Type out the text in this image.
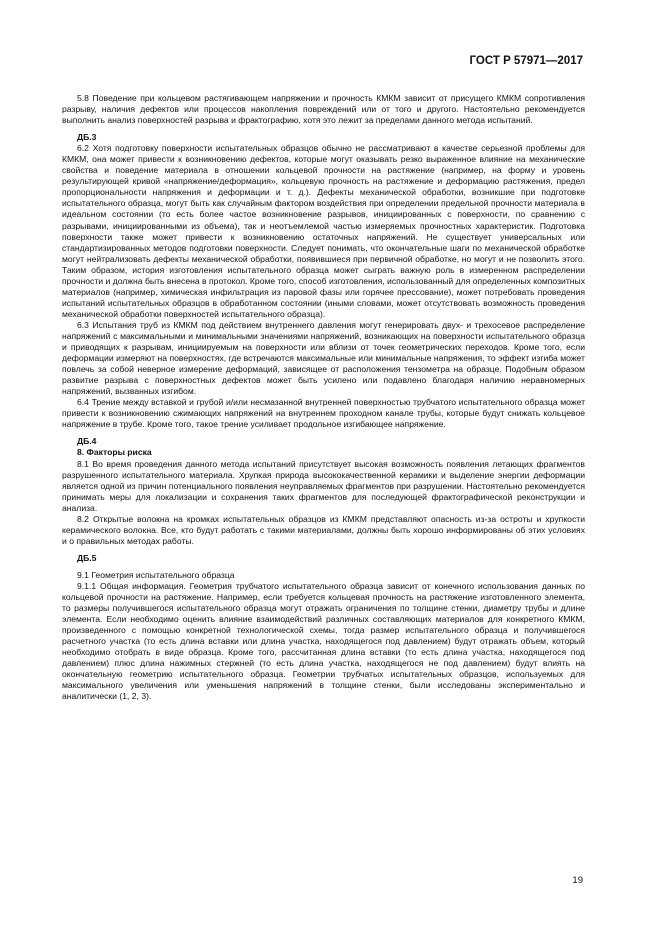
ГОСТ Р 57971—2017

5.8 Поведение при кольцевом растягивающем напряжении и прочность КМКМ зависит от присущего КМКМ сопротивления разрыву, наличия дефектов или процессов накопления повреждений или от того и другого. Настоятельно рекомендуется выполнить анализ поверхностей разрыва и фрактографию, хотя это лежит за пределами данного метода испытаний.

ДБ.3

6.2 Хотя подготовку поверхности испытательных образцов обычно не рассматривают в качестве серьезной проблемы для КМКМ, она может привести к возникновению дефектов, которые могут оказывать резко выраженное влияние на механические свойства и поведение материала в отношении кольцевой прочности на растяжение (например, на форму и уровень результирующей кривой «напряжение/деформация», кольцевую прочность на растяжение и деформацию растяжения, предел пропорциональности напряжения и деформации и т. д.). Дефекты механической обработки, возникшие при подготовке испытательного образца, могут быть как случайным фактором воздействия при определении предельной прочности материала в идеальном состоянии (то есть более частое возникновение разрывов, инициированных с поверхности, по сравнению с разрывами, инициированными из объема), так и неотъемлемой частью измеряемых прочностных характеристик. Подготовка поверхности также может привести к возникновению остаточных напряжений. Не существует универсальных или стандартизированных методов подготовки поверхности. Следует понимать, что окончательные шаги по механической обработке могут нейтрализовать дефекты механической обработки, появившиеся при первичной обработке, но могут и не позволить этого. Таким образом, история изготовления испытательного образца может сыграть важную роль в измеренном распределении прочности и должна быть внесена в протокол. Кроме того, способ изготовления, использованный для определенных композитных материалов (например, химическая инфильтрация из паровой фазы или горячее прессование), может потребовать проведения испытаний испытательных образцов в обработанном состоянии (иными словами, может отсутствовать возможность проведения механической обработки поверхностей испытательного образца).

6.3 Испытания труб из КМКМ под действием внутреннего давления могут генерировать двух- и трехосевое распределение напряжений с максимальными и минимальными значениями напряжений, возникающих на поверхности испытательного образца и приводящих к разрывам, инициируемым на поверхности или вблизи от точек геометрических переходов. Кроме того, если деформации измеряют на поверхностях, где встречаются максимальные или минимальные напряжения, то эффект изгиба может повлечь за собой неверное измерение деформаций, зависящее от расположения тензометра на образце. Подобным образом развитие разрыва с поверхностных дефектов может быть усилено или подавлено благодаря наличию неравномерных напряжений, вызванных изгибом.

6.4 Трение между вставкой и грубой и/или несмазанной внутренней поверхностью трубчатого испытательного образца может привести к возникновению сжимающих напряжений на внутреннем проходном канале трубы, которые будут снижать кольцевое напряжение в трубе. Кроме того, такое трение усиливает продольное изгибающее напряжение.

ДБ.4

8. Факторы риска

8.1 Во время проведения данного метода испытаний присутствует высокая возможность появления летающих фрагментов разрушенного испытательного материала. Хрупкая природа высококачественной керамики и выделение энергии деформации является одной из причин потенциального появления неуправляемых фрагментов при разрушении. Настоятельно рекомендуется принимать меры для локализации и сохранения таких фрагментов для последующей фрактографической реконструкции и анализа.

8.2 Открытые волокна на кромках испытательных образцов из КМКМ представляют опасность из-за остроты и хрупкости керамического волокна. Все, кто будут работать с такими материалами, должны быть хорошо информированы об этих условиях и о правильных методах работы.

ДБ.5

9.1 Геометрия испытательного образца

9.1.1 Общая информация. Геометрия трубчатого испытательного образца зависит от конечного использования данных по кольцевой прочности на растяжение. Например, если требуется кольцевая прочность на растяжение изготовленного элемента, то размеры получившегося испытательного образца могут отражать ограничения по толщине стенки, диаметру трубы и длине элемента. Если необходимо оценить влияние взаимодействий различных составляющих материалов для конкретного КМКМ, произведенного с помощью конкретной технологической схемы, тогда размер испытательного образца и получившегося расчетного участка (то есть длина вставки или длина участка, находящегося под давлением) будут отражать объем, который необходимо отобрать в виде образца. Кроме того, рассчитанная длина вставки (то есть длина участка, находящегося под давлением) плюс длина нажимных стержней (то есть длина участка, находящегося не под давлением) будут влиять на окончательную геометрию испытательного образца. Геометрии трубчатых испытательных образцов, используемых для максимального увеличения или уменьшения напряжений в толщине стенки, были исследованы экспериментально и аналитически (1, 2, 3).

19
